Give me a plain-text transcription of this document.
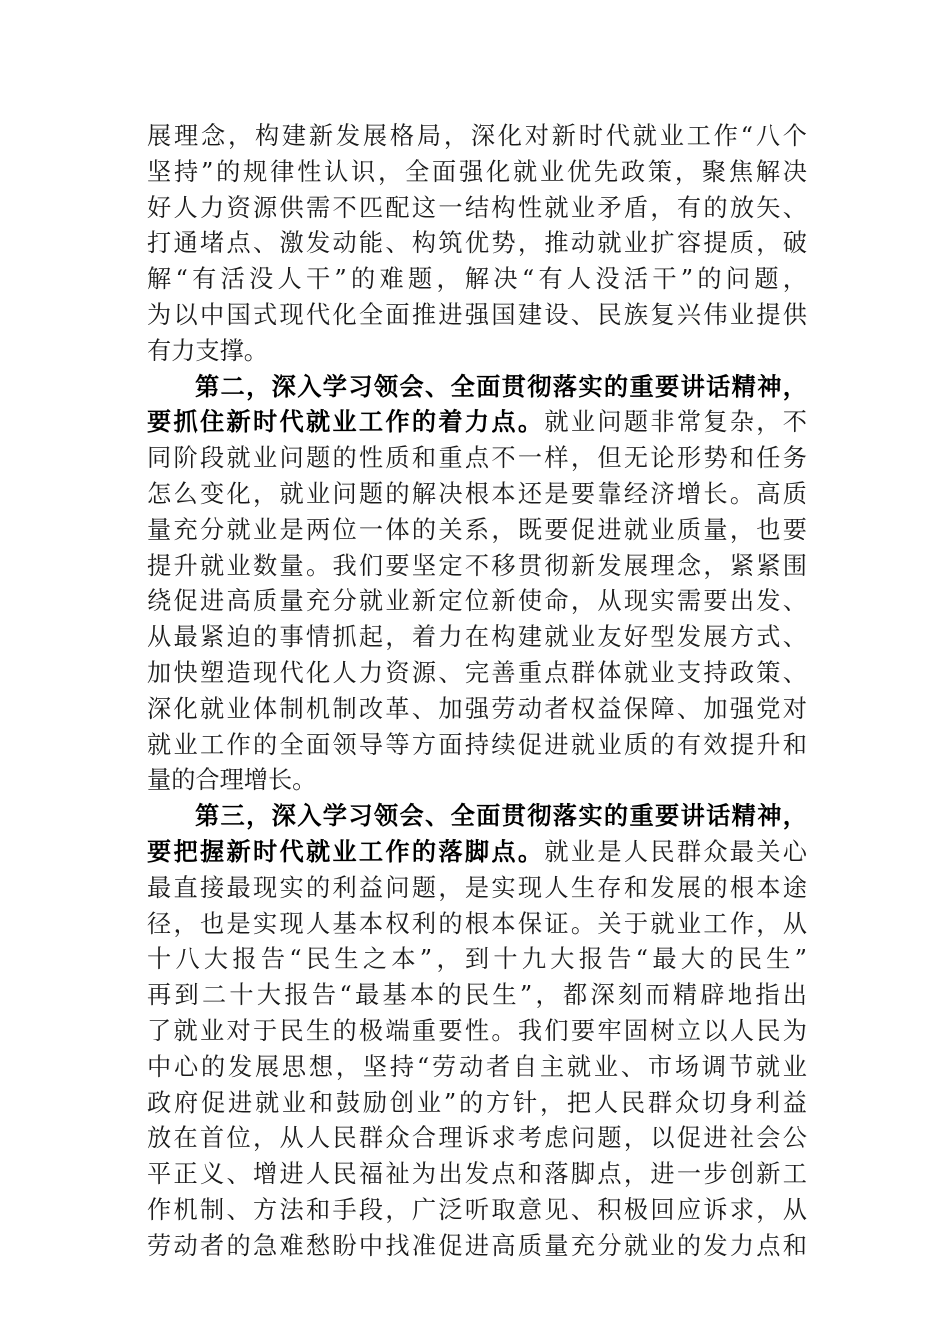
展理念，构建新发展格局，深化对新时代就业工作“八个
坚持”的规律性认识，全面强化就业优先政策，聚焦解决
好人力资源供需不匹配这一结构性就业矛盾，有的放矢、
打通堵点、激发动能、构筑优势，推动就业扩容提质，破
解“有活没人干”的难题，解决“有人没活干”的问题，
为以中国式现代化全面推进强国建设、民族复兴伟业提供
有力支撑。
第二，深入学习领会、全面贯彻落实的重要讲话精神，
要抓住新时代就业工作的着力点。就业问题非常复杂，不
同阶段就业问题的性质和重点不一样，但无论形势和任务
怎么变化，就业问题的解决根本还是要靠经济增长。高质
量充分就业是两位一体的关系，既要促进就业质量，也要
提升就业数量。我们要坚定不移贯彻新发展理念，紧紧围
绕促进高质量充分就业新定位新使命，从现实需要出发、
从最紧迫的事情抓起，着力在构建就业友好型发展方式、
加快塑造现代化人力资源、完善重点群体就业支持政策、
深化就业体制机制改革、加强劳动者权益保障、加强党对
就业工作的全面领导等方面持续促进就业质的有效提升和
量的合理增长。
第三，深入学习领会、全面贯彻落实的重要讲话精神，
要把握新时代就业工作的落脚点。就业是人民群众最关心
最直接最现实的利益问题，是实现人生存和发展的根本途
径，也是实现人基本权利的根本保证。关于就业工作，从
十八大报告“民生之本”，到十九大报告“最大的民生”
再到二十大报告“最基本的民生”，都深刻而精辟地指出
了就业对于民生的极端重要性。我们要牢固树立以人民为
中心的发展思想，坚持“劳动者自主就业、市场调节就业
政府促进就业和鼓励创业”的方针，把人民群众切身利益
放在首位，从人民群众合理诉求考虑问题，以促进社会公
平正义、增进人民福祉为出发点和落脚点，进一步创新工
作机制、方法和手段，广泛听取意见、积极回应诉求，从
劳动者的急难愁盼中找准促进高质量充分就业的发力点和
